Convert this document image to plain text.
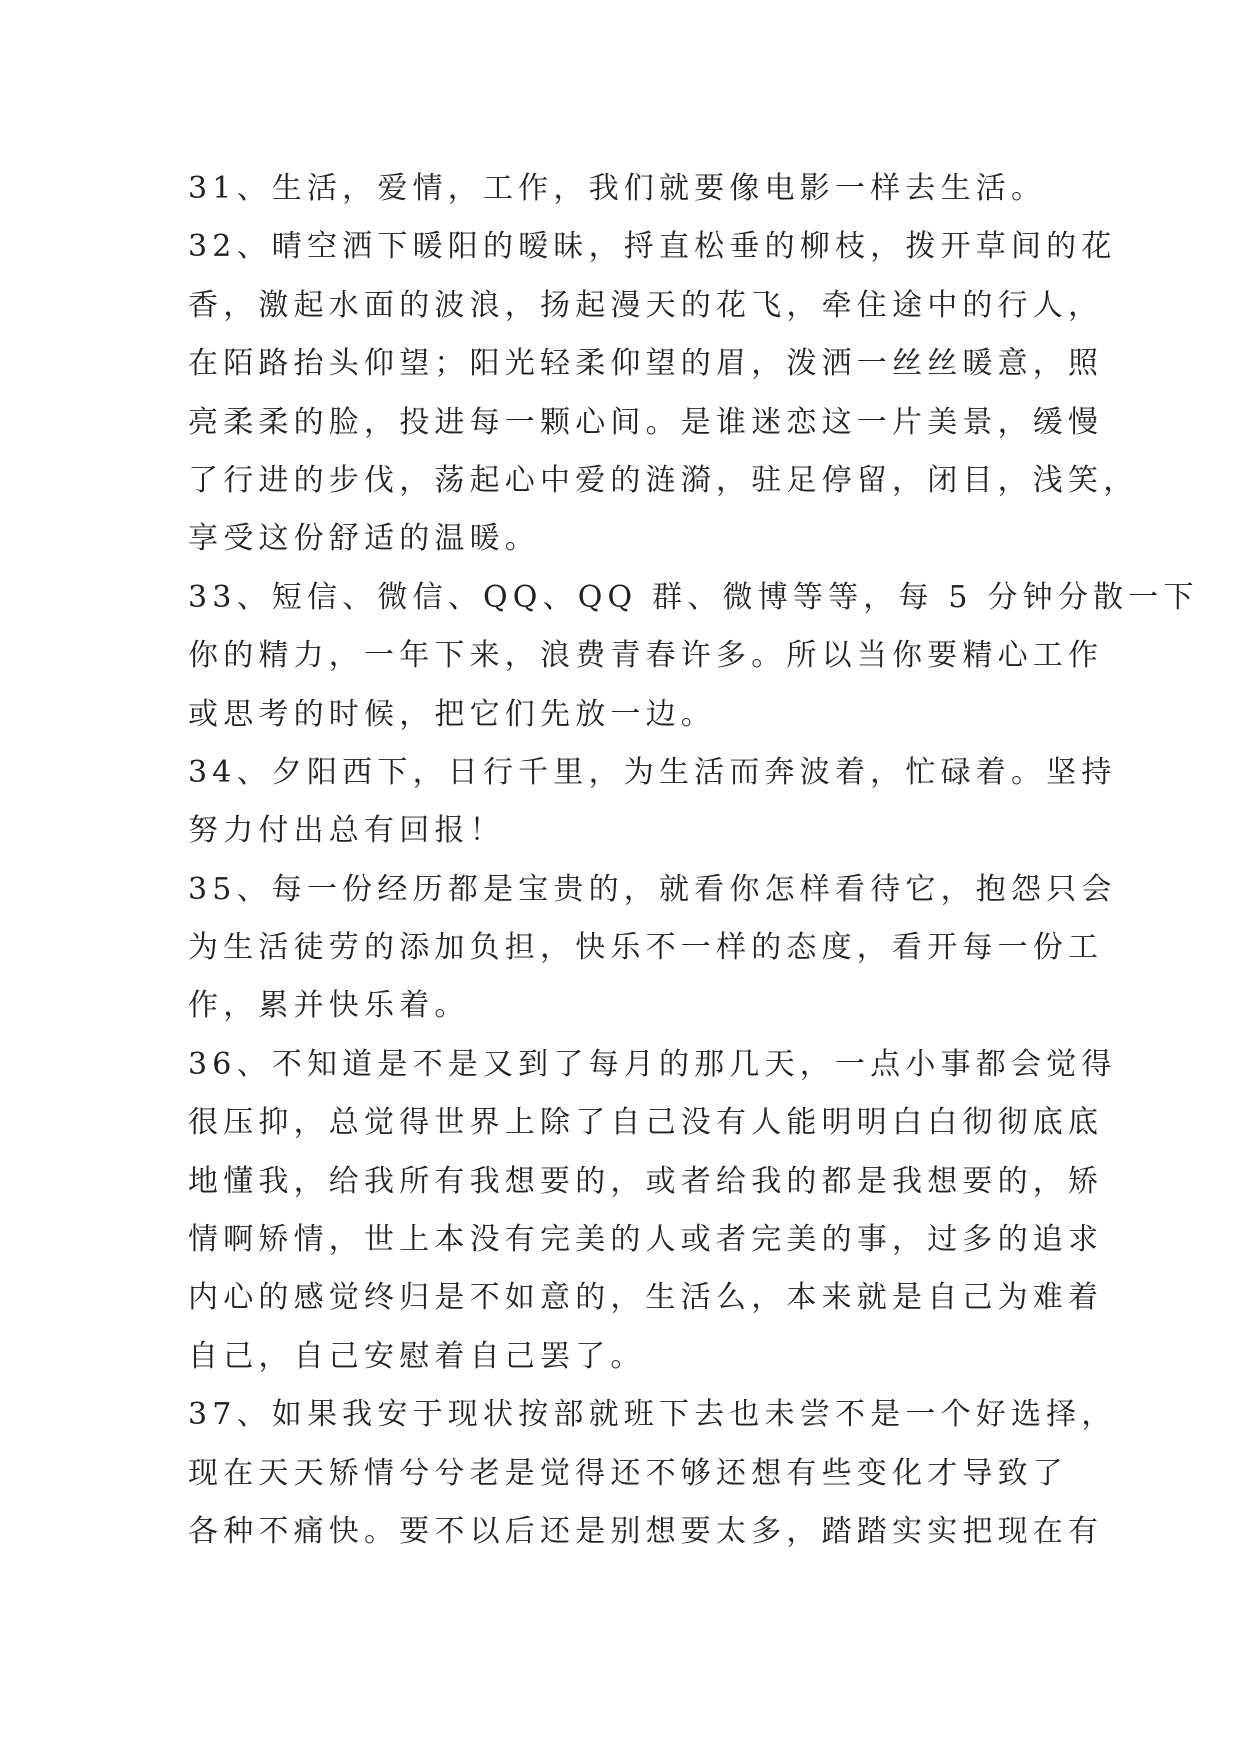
31、生活，爱情，工作，我们就要像电影一样去生活。
32、晴空洒下暖阳的暧昧，捋直松垂的柳枝，拨开草间的花
香，激起水面的波浪，扬起漫天的花飞，牵住途中的行人，
在陌路抬头仰望；阳光轻柔仰望的眉，泼洒一丝丝暖意，照
亮柔柔的脸，投进每一颗心间。是谁迷恋这一片美景，缓慢
了行进的步伐，荡起心中爱的涟漪，驻足停留，闭目，浅笑，
享受这份舒适的温暖。
33、短信、微信、QQ、QQ 群、微博等等，每 5 分钟分散一下
你的精力，一年下来，浪费青春许多。所以当你要精心工作
或思考的时候，把它们先放一边。
34、夕阳西下，日行千里，为生活而奔波着，忙碌着。坚持
努力付出总有回报！
35、每一份经历都是宝贵的，就看你怎样看待它，抱怨只会
为生活徒劳的添加负担，快乐不一样的态度，看开每一份工
作，累并快乐着。
36、不知道是不是又到了每月的那几天，一点小事都会觉得
很压抑，总觉得世界上除了自己没有人能明明白白彻彻底底
地懂我，给我所有我想要的，或者给我的都是我想要的，矫
情啊矫情，世上本没有完美的人或者完美的事，过多的追求
内心的感觉终归是不如意的，生活么，本来就是自己为难着
自己，自己安慰着自己罢了。
37、如果我安于现状按部就班下去也未尝不是一个好选择，
现在天天矫情兮兮老是觉得还不够还想有些变化才导致了
各种不痛快。要不以后还是别想要太多，踏踏实实把现在有
